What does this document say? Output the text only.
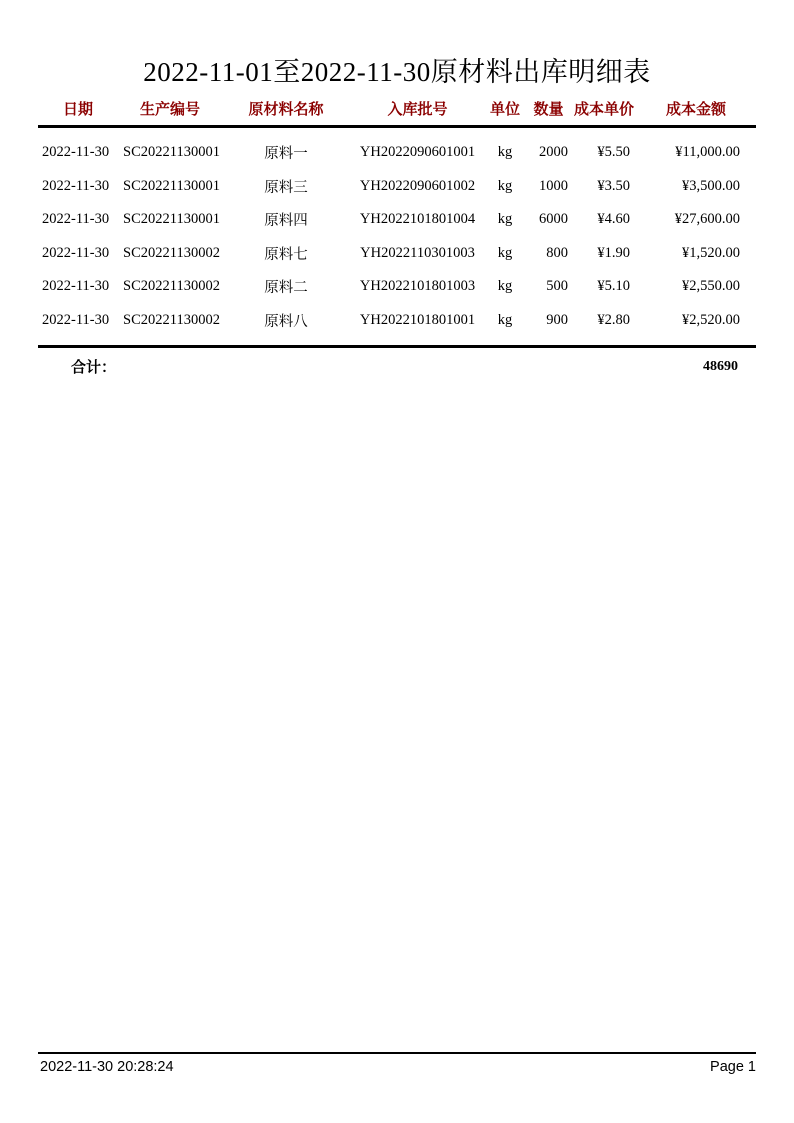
2022-11-01至2022-11-30原材料出库明细表
日期	生产编号	原材料名称	入库批号	单位 数量 成本单价	成本金额
2022-11-30 SC20221130001	原料一	YH2022090601001	kg	2000	¥5.50	¥11,000.00
2022-11-30 SC20221130001	原料三	YH2022090601002	kg	1000	¥3.50	¥3,500.00
2022-11-30 SC20221130001	原料四	YH2022101801004	kg	6000	¥4.60	¥27,600.00
2022-11-30 SC20221130002	原料七	YH2022110301003	kg	800	¥1.90	¥1,520.00
2022-11-30 SC20221130002	原料二	YH2022101801003	kg	500	¥5.10	¥2,550.00
2022-11-30 SC20221130002	原料八	YH2022101801001	kg	900	¥2.80	¥2,520.00
合计：	48690
2022-11-30 20:28:24	Page 1
